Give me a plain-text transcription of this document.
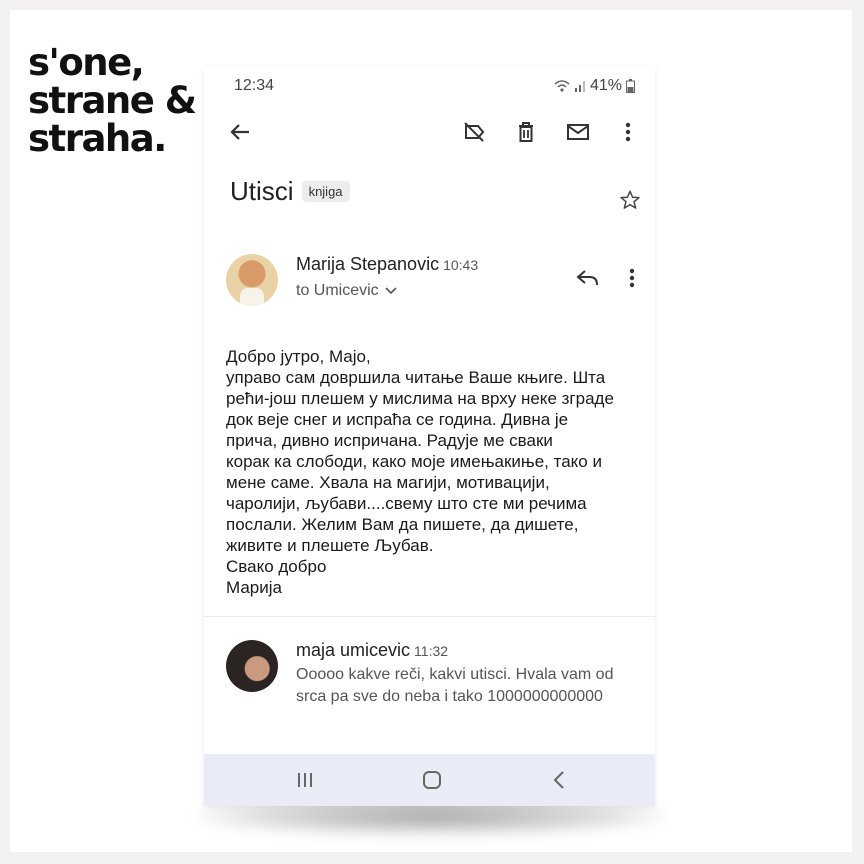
s'one,
strane &
straha.
12:34	41%
Utisci	knjiga
Marija Stepanovic 10:43
to Umicevic
Добро јутро, Мајо,
управо сам довршила читање Ваше књиге. Шта
рећи-још плешем у мислима на врху неке зграде
док веје снег и испраћа се година. Дивна је
прича, дивно испричана. Радује ме сваки
корак ка слободи, како моје имењакиње, тако и
мене саме. Хвала на магији, мотивацији,
чаролији, љубави....свему што сте ми речима
послали. Желим Вам да пишете, да дишете,
живите и плешете Љубав.
Свако добро
Марија
maja umicevic 11:32
Ooooo kakve reči, kakvi utisci. Hvala vam od
srca pa sve do neba i tako 1000000000000
